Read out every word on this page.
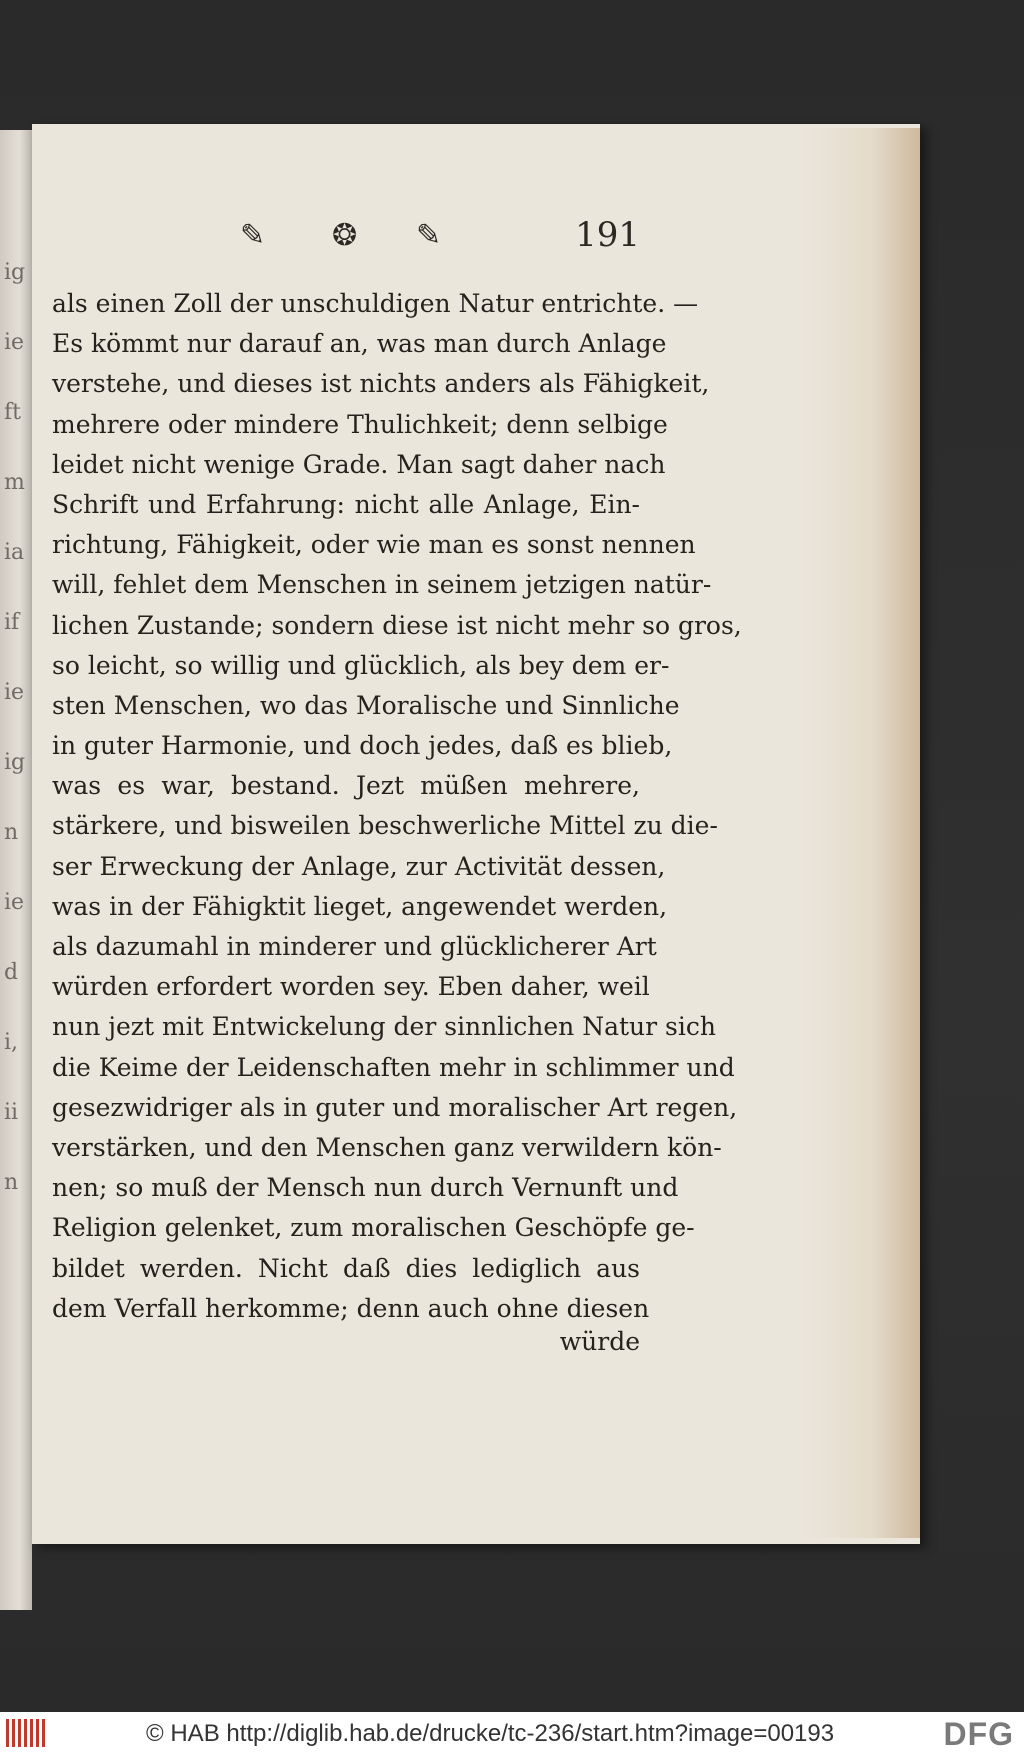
ig
ie
ft
m
ia
if
ie
ig
n
ie
d
i,
ii
n
✎ ❂ ✎	191
als einen Zoll der unschuldigen Natur entrichte. —
Es kömmt nur darauf an, was man durch Anlage
verstehe, und dieses ist nichts anders als Fähigkeit,
mehrere oder mindere Thulichkeit; denn selbige
leidet nicht wenige Grade. Man sagt daher nach
Schrift und Erfahrung: nicht alle Anlage, Ein-
richtung, Fähigkeit, oder wie man es sonst nennen
will, fehlet dem Menschen in seinem jetzigen natür-
lichen Zustande; sondern diese ist nicht mehr so gros,
so leicht, so willig und glücklich, als bey dem er-
sten Menschen, wo das Moralische und Sinnliche
in guter Harmonie, und doch jedes, daß es blieb,
was es war, bestand. Jezt müßen mehrere,
stärkere, und bisweilen beschwerliche Mittel zu die-
ser Erweckung der Anlage, zur Activität dessen,
was in der Fähigktit lieget, angewendet werden,
als dazumahl in minderer und glücklicherer Art
würden erfordert worden sey. Eben daher, weil
nun jezt mit Entwickelung der sinnlichen Natur sich
die Keime der Leidenschaften mehr in schlimmer und
gesezwidriger als in guter und moralischer Art regen,
verstärken, und den Menschen ganz verwildern kön-
nen; so muß der Mensch nun durch Vernunft und
Religion gelenket, zum moralischen Geschöpfe ge-
bildet werden. Nicht daß dies lediglich aus
dem Verfall herkomme; denn auch ohne diesen
würde
© HAB http://diglib.hab.de/drucke/tc-236/start.htm?image=00193	DFG
